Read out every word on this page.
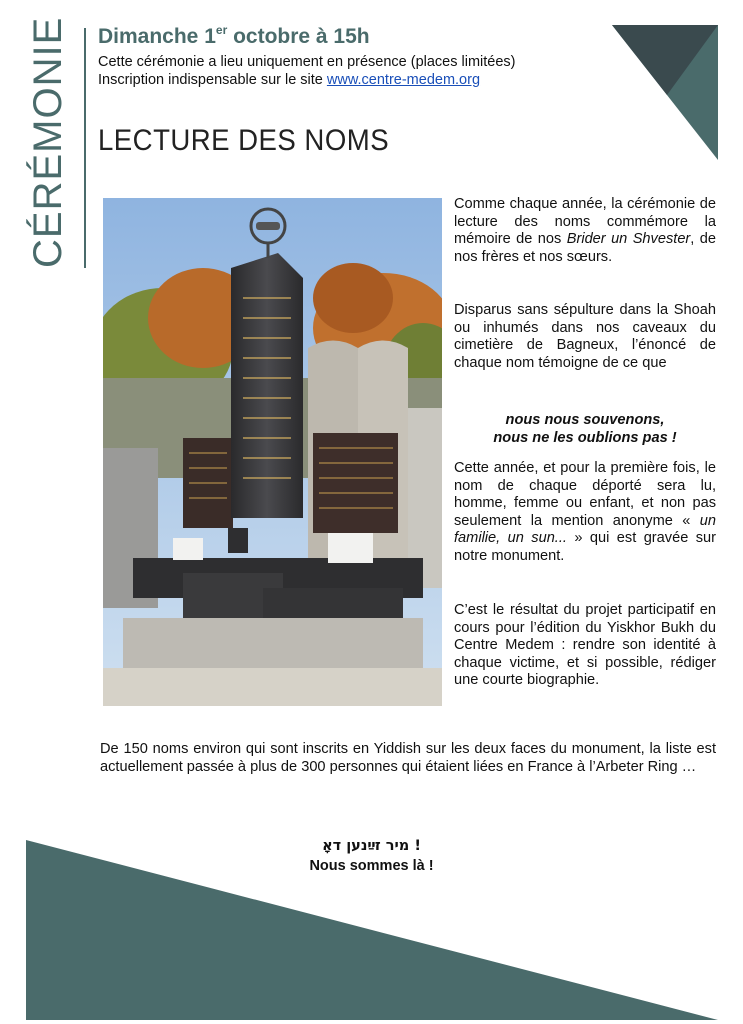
CÉRÉMONIE Dimanche 1er octobre à 15h
Cette cérémonie a lieu uniquement en présence (places limitées)
Inscription indispensable sur le site www.centre-medem.org
LECTURE DES NOMS
Comme chaque année, la cérémonie de lecture des noms commémore la mémoire de nos Brider un Shvester, de nos frères et nos sœurs.
Disparus sans sépulture dans la Shoah ou inhumés dans nos caveaux du cimetière de Bagneux, l’énoncé de chaque nom témoigne de ce que
nous nous souvenons,
nous ne les oublions pas !
Cette année, et pour la première fois, le nom de chaque déporté sera lu, homme, femme ou enfant, et non pas seulement la mention anonyme « un familie, un sun... » qui est gravée sur notre monument.
C’est le résultat du projet participatif en cours pour l’édition du Yiskhor Bukh du Centre Medem : rendre son identité à chaque victime, et si possible, rédiger une courte biographie.
De 150 noms environ qui sont inscrits en Yiddish sur les deux faces du monument, la liste est actuellement passée à plus de 300 personnes qui étaient liées en France à l’Arbeter Ring …
! מיר זײַנען דאָ
Nous sommes là !
